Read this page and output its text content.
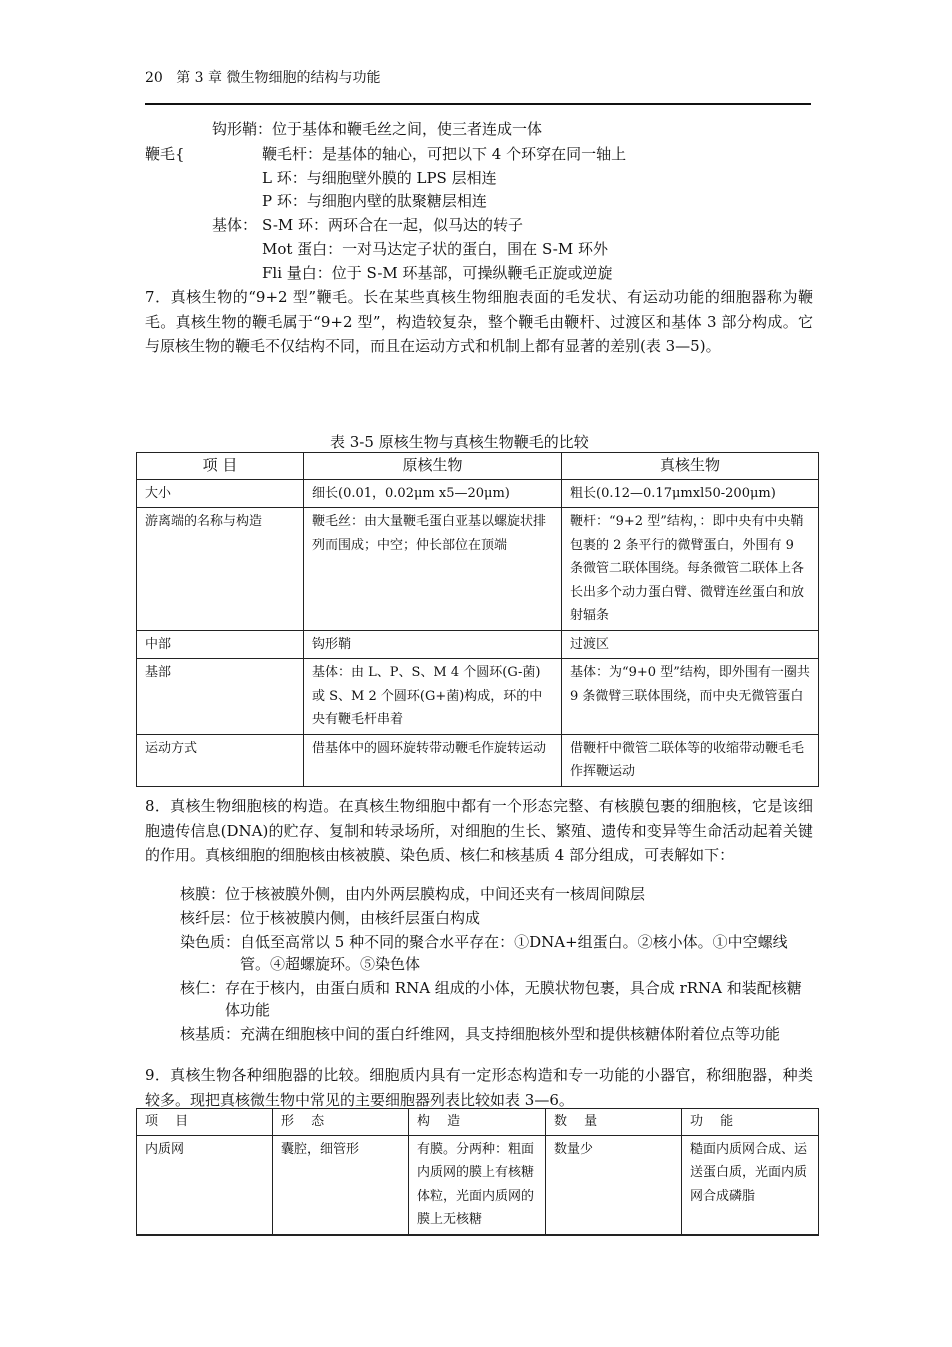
20 第 3 章 微生物细胞的结构与功能
钩形鞘：位于基体和鞭毛丝之间，使三者连成一体
鞭毛{	鞭毛杆：是基体的轴心，可把以下 4 个环穿在同一轴上
L 环：与细胞壁外膜的 LPS 层相连
P 环：与细胞内壁的肽聚糖层相连
基体： S-M 环：两环合在一起，似马达的转子
Mot 蛋白：一对马达定子状的蛋白，围在 S-M 环外
Fli 量白：位于 S-M 环基部，可操纵鞭毛正旋或逆旋
7．真核生物的“9+2 型”鞭毛。长在某些真核生物细胞表面的毛发状、有运动功能的细胞器称为鞭毛。真核生物的鞭毛属于“9+2 型”，构造较复杂，整个鞭毛由鞭杆、过渡区和基体 3 部分构成。它与原核生物的鞭毛不仅结构不同，而且在运动方式和机制上都有显著的差别(表 3—5)。
表 3-5 原核生物与真核生物鞭毛的比较
项 目	原核生物	真核生物
大小	细长(0.01，0.02μm x5—20μm)	粗长(0.12—0.17μmxl50-200μm)
游离端的名称与构造	鞭毛丝：由大量鞭毛蛋白亚基以螺旋状排列而围成；中空；仲长部位在顶端	鞭杆：“9+2 型”结构，：即中央有中央鞘包裹的 2 条平行的微臂蛋白，外围有 9 条微管二联体围绕。每条微管二联体上各长出多个动力蛋白臂、微臂连丝蛋白和放射辐条
中部	钩形鞘	过渡区
基部	基体：由 L、P、S、M 4 个圆环(G-菌) 或 S、M 2 个圆环(G+菌)构成，环的中央有鞭毛杆串着	基体：为“9+0 型”结构，即外围有一圈共 9 条微臂三联体围绕，而中央无微管蛋白
运动方式	借基体中的圆环旋转带动鞭毛作旋转运动	借鞭杆中微管二联体等的收缩带动鞭毛毛作挥鞭运动
8．真核生物细胞核的构造。在真核生物细胞中都有一个形态完整、有核膜包裹的细胞核，它是该细胞遗传信息(DNA)的贮存、复制和转录场所，对细胞的生长、繁殖、遗传和变异等生命活动起着关键的作用。真核细胞的细胞核由核被膜、染色质、核仁和核基质 4 部分组成，可表解如下：
核膜： 位于核被膜外侧，由内外两层膜构成，中间还夹有一核周间隙层
核纤层： 位于核被膜内侧，由核纤层蛋白构成
染色质： 自低至高常以 5 种不同的聚合水平存在：①DNA+组蛋白。②核小体。①中空螺线管。④超螺旋环。⑤染色体
核仁： 存在于核内，由蛋白质和 RNA 组成的小体，无膜状物包裹，具合成 rRNA 和装配核糖体功能
核基质： 充满在细胞核中间的蛋白纤维网，具支持细胞核外型和提供核糖体附着位点等功能
9．真核生物各种细胞器的比较。细胞质内具有一定形态构造和专一功能的小器官，称细胞器，种类较多。现把真核微生物中常见的主要细胞器列表比较如表 3—6。
项 目	形 态	构 造	数 量	功 能
内质网	囊腔，细管形	有膜。分两种：粗面内质网的膜上有核糖体粒，光面内质网的膜上无核糖	数量少	糙面内质网合成、运送蛋白质，光面内质网合成磷脂
